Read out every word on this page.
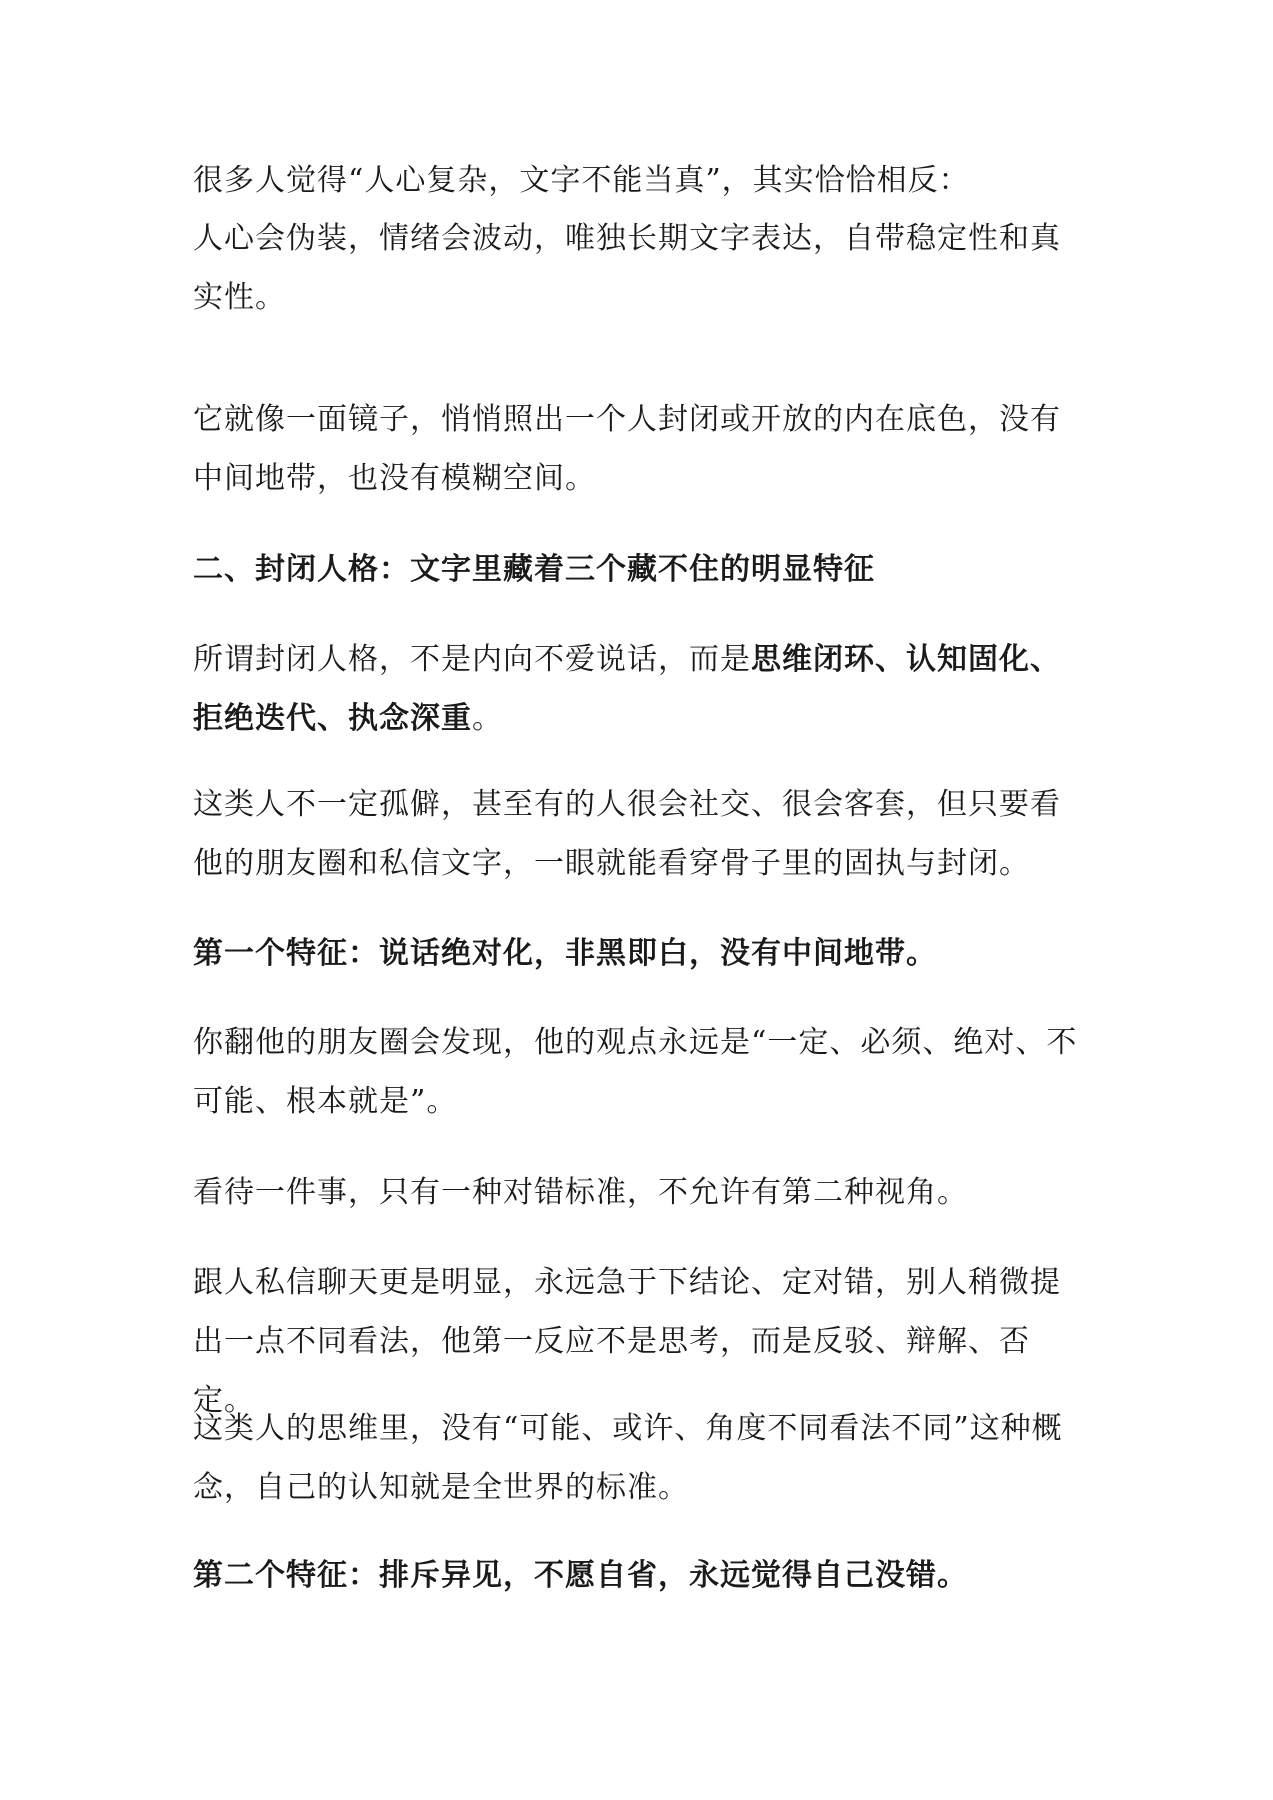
很多人觉得“人心复杂，文字不能当真”，其实恰恰相反：

人心会伪装，情绪会波动，唯独长期文字表达，自带稳定性和真实性。

它就像一面镜子，悄悄照出一个人封闭或开放的内在底色，没有中间地带，也没有模糊空间。

二、封闭人格：文字里藏着三个藏不住的明显特征

所谓封闭人格，不是内向不爱说话，而是思维闭环、认知固化、拒绝迭代、执念深重。

这类人不一定孤僻，甚至有的人很会社交、很会客套，但只要看他的朋友圈和私信文字，一眼就能看穿骨子里的固执与封闭。

第一个特征：说话绝对化，非黑即白，没有中间地带。

你翻他的朋友圈会发现，他的观点永远是“一定、必须、绝对、不可能、根本就是”。

看待一件事，只有一种对错标准，不允许有第二种视角。

跟人私信聊天更是明显，永远急于下结论、定对错，别人稍微提出一点不同看法，他第一反应不是思考，而是反驳、辩解、否定。

这类人的思维里，没有“可能、或许、角度不同看法不同”这种概念，自己的认知就是全世界的标准。

第二个特征：排斥异见，不愿自省，永远觉得自己没错。
